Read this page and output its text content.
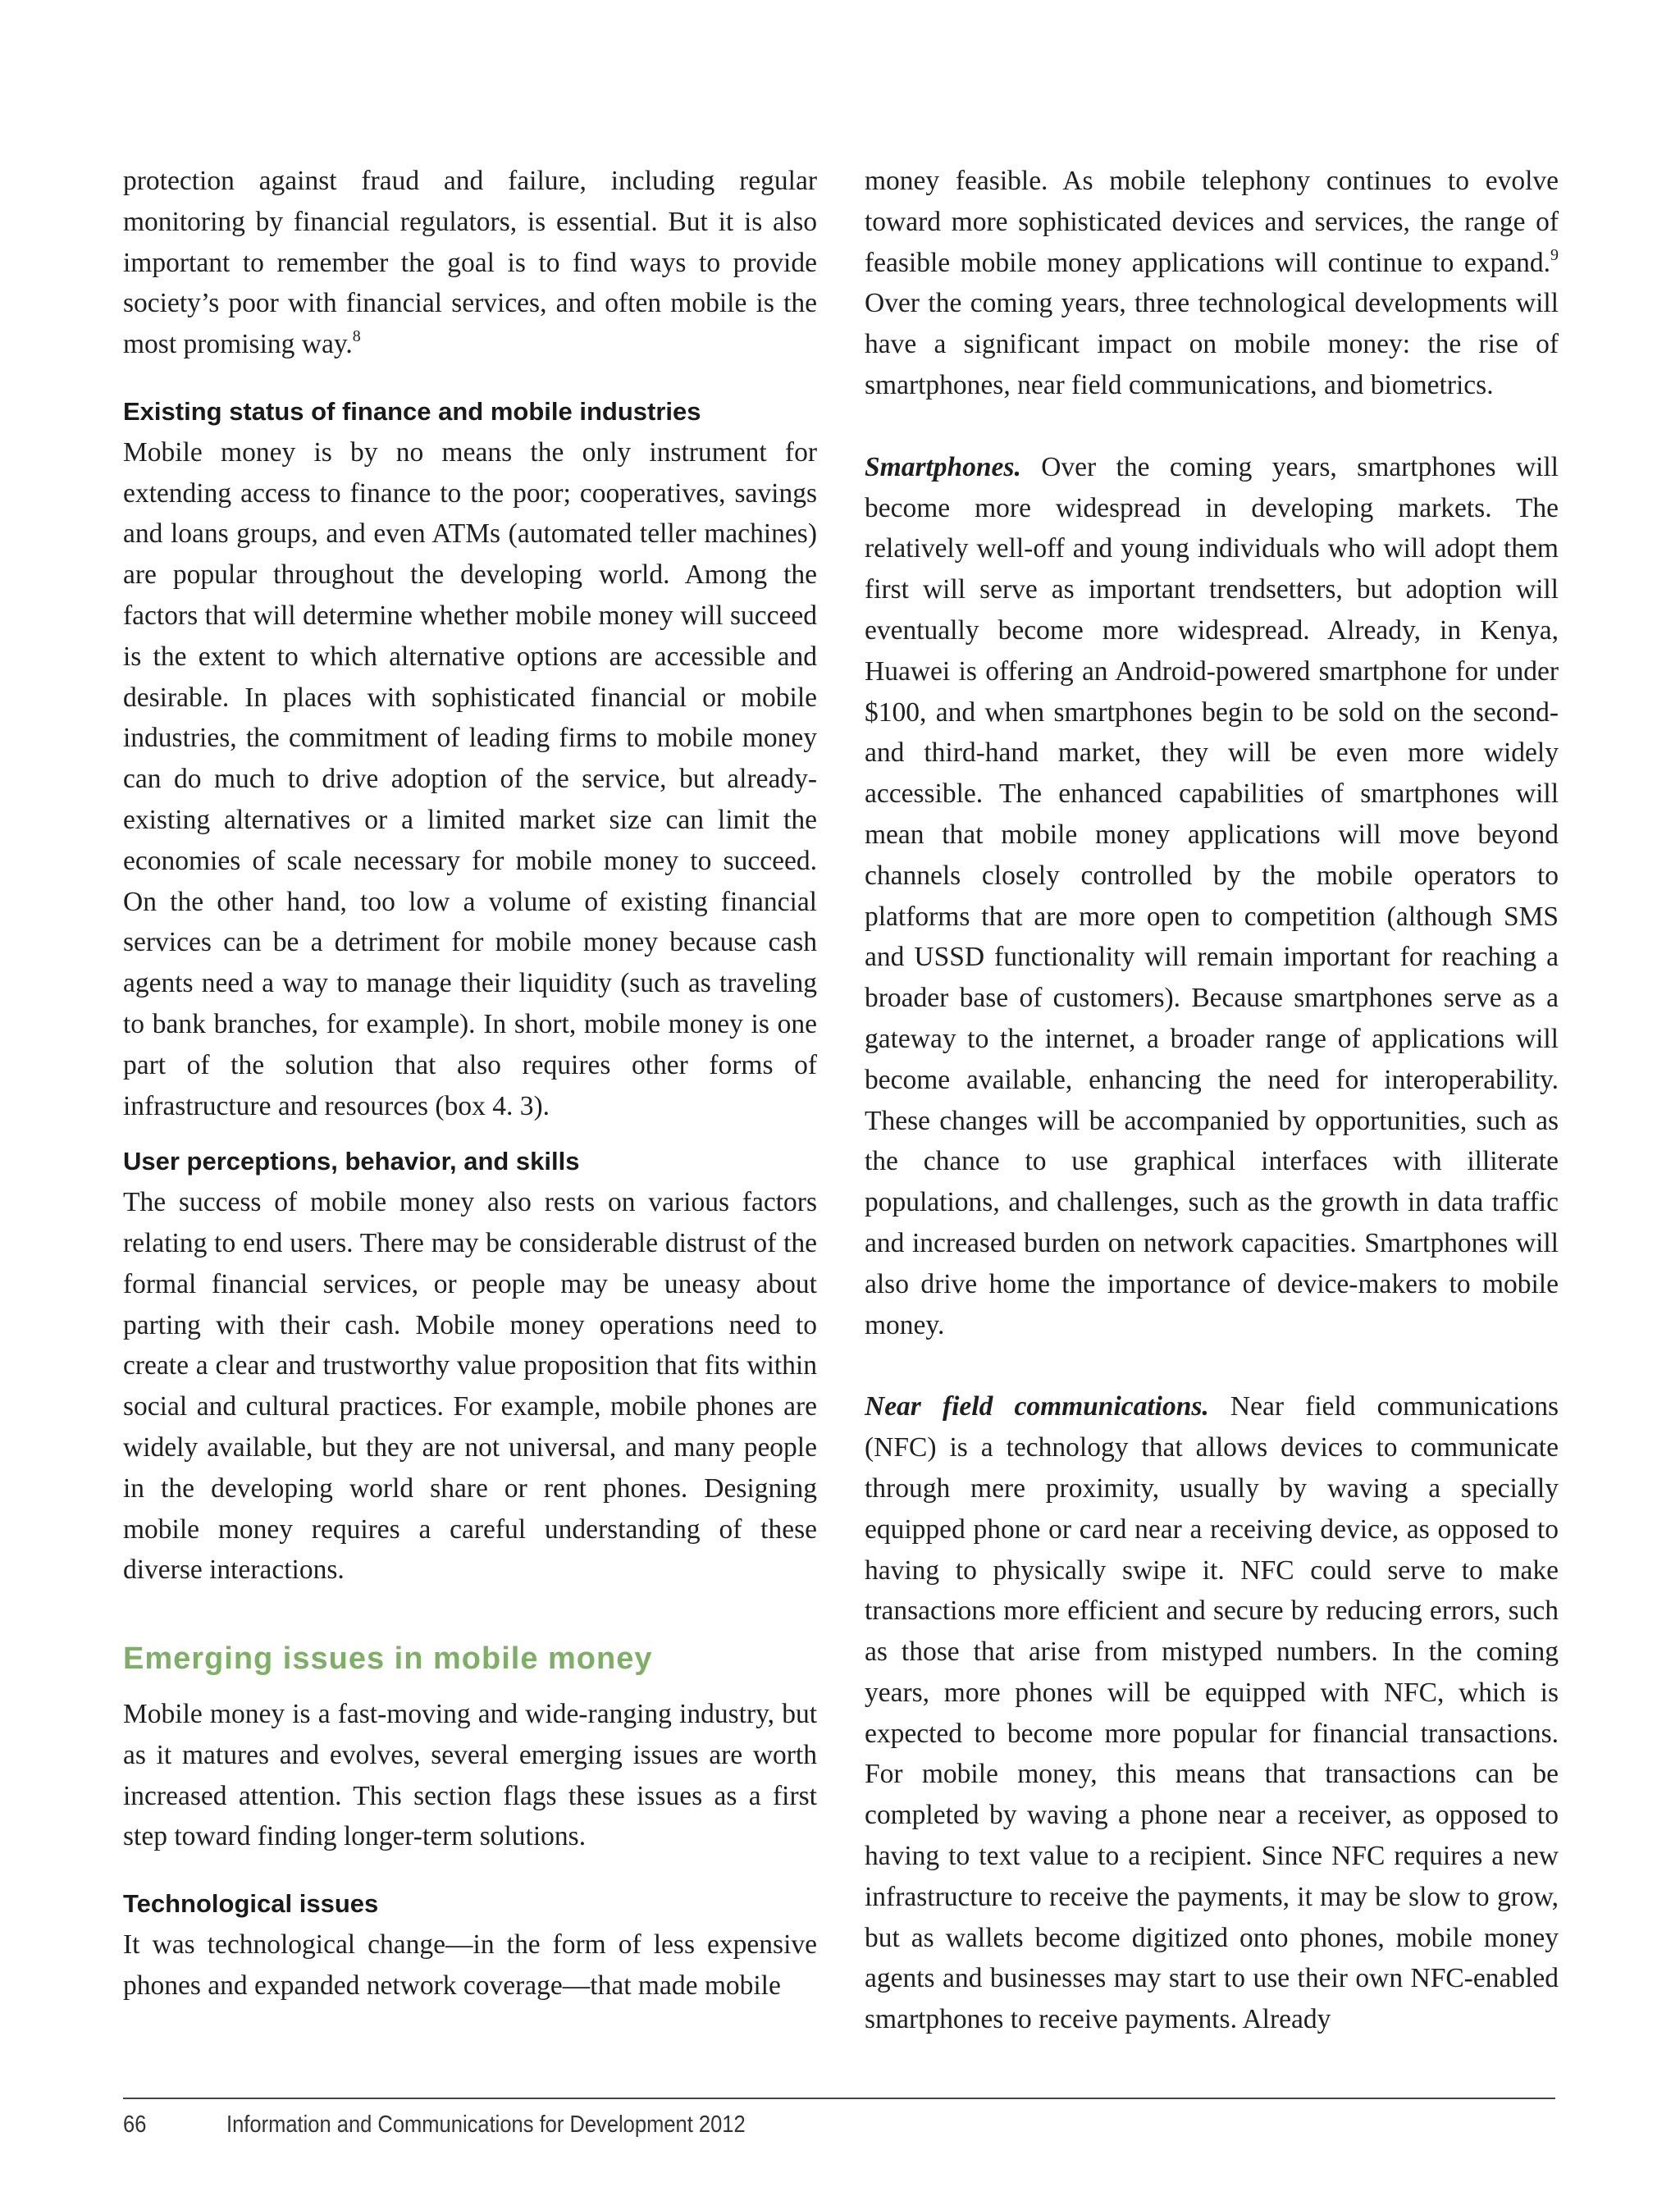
protection against fraud and failure, including regular monitoring by financial regulators, is essential. But it is also important to remember the goal is to find ways to provide society’s poor with financial services, and often mobile is the most promising way.$^8$

Existing status of finance and mobile industries

Mobile money is by no means the only instrument for extending access to finance to the poor; cooperatives, savings and loans groups, and even ATMs (automated teller machines) are popular throughout the developing world. Among the factors that will determine whether mobile money will succeed is the extent to which alternative options are accessible and desirable. In places with sophisticated financial or mobile industries, the commitment of leading firms to mobile money can do much to drive adoption of the service, but already-existing alternatives or a limited market size can limit the economies of scale necessary for mobile money to succeed. On the other hand, too low a volume of existing financial services can be a detriment for mobile money because cash agents need a way to manage their liquidity (such as traveling to bank branches, for example). In short, mobile money is one part of the solution that also requires other forms of infrastructure and resources (box 4. 3).

User perceptions, behavior, and skills

The success of mobile money also rests on various factors relating to end users. There may be considerable distrust of the formal financial services, or people may be uneasy about parting with their cash. Mobile money operations need to create a clear and trustworthy value proposition that fits within social and cultural practices. For example, mobile phones are widely available, but they are not universal, and many people in the developing world share or rent phones. Designing mobile money requires a careful understanding of these diverse interactions.

Emerging issues in mobile money

Mobile money is a fast-moving and wide-ranging industry, but as it matures and evolves, several emerging issues are worth increased attention. This section flags these issues as a first step toward finding longer-term solutions.

Technological issues

It was technological change—in the form of less expensive phones and expanded network coverage—that made mobile

money feasible. As mobile telephony continues to evolve toward more sophisticated devices and services, the range of feasible mobile money applications will continue to expand.$^9$ Over the coming years, three technological developments will have a significant impact on mobile money: the rise of smartphones, near field communications, and biometrics.

Smartphones. Over the coming years, smartphones will become more widespread in developing markets. The relatively well-off and young individuals who will adopt them first will serve as important trendsetters, but adoption will eventually become more widespread. Already, in Kenya, Huawei is offering an Android-powered smartphone for under $100, and when smartphones begin to be sold on the second- and third-hand market, they will be even more widely accessible. The enhanced capabilities of smartphones will mean that mobile money applications will move beyond channels closely controlled by the mobile operators to platforms that are more open to competition (although SMS and USSD functionality will remain important for reaching a broader base of customers). Because smartphones serve as a gateway to the internet, a broader range of applications will become available, enhancing the need for interoperability. These changes will be accompanied by opportunities, such as the chance to use graphical interfaces with illiterate populations, and challenges, such as the growth in data traffic and increased burden on network capacities. Smartphones will also drive home the importance of device-makers to mobile money.

Near field communications. Near field communications (NFC) is a technology that allows devices to communicate through mere proximity, usually by waving a specially equipped phone or card near a receiving device, as opposed to having to physically swipe it. NFC could serve to make transactions more efficient and secure by reducing errors, such as those that arise from mistyped numbers. In the coming years, more phones will be equipped with NFC, which is expected to become more popular for financial transactions. For mobile money, this means that transactions can be completed by waving a phone near a receiver, as opposed to having to text value to a recipient. Since NFC requires a new infrastructure to receive the payments, it may be slow to grow, but as wallets become digitized onto phones, mobile money agents and businesses may start to use their own NFC-enabled smartphones to receive payments. Already

66	Information and Communications for Development 2012
